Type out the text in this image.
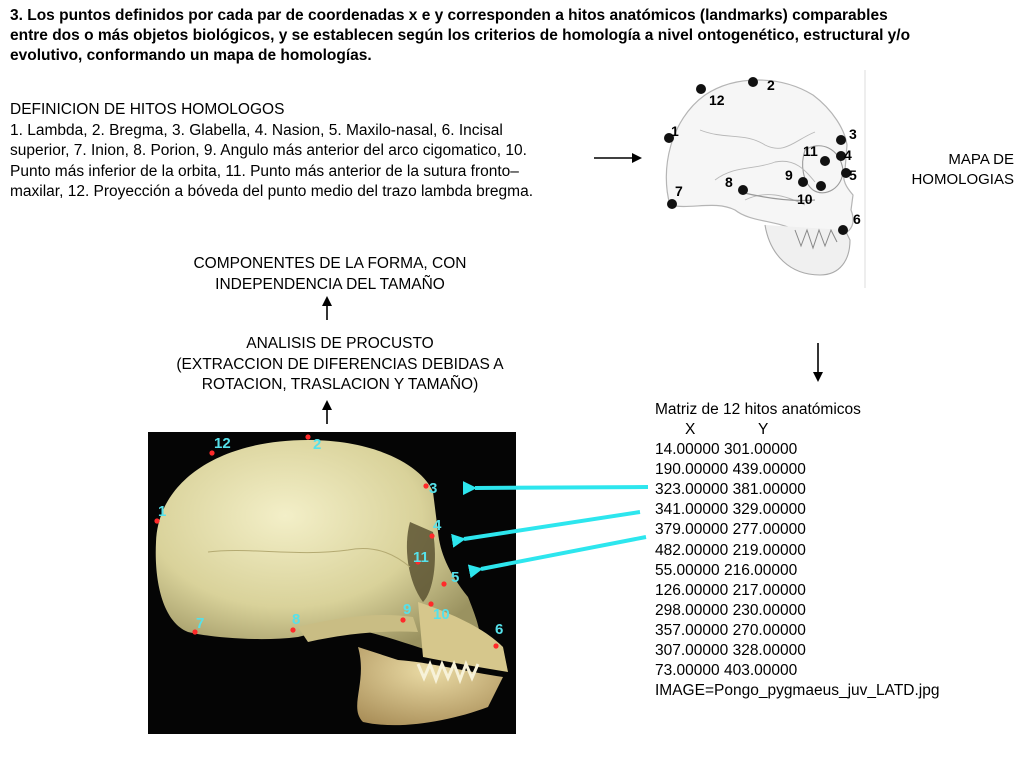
3. Los puntos definidos por cada par de coordenadas x e y corresponden a hitos anatómicos (landmarks) comparables
entre dos o más objetos biológicos, y se establecen según los criterios de homología a nivel ontogenético, estructural y/o
evolutivo, conformando un mapa de homologías.
DEFINICION DE HITOS HOMOLOGOS
1. Lambda, 2. Bregma, 3. Glabella, 4. Nasion, 5. Maxilo-nasal, 6. Incisal
superior, 7. Inion, 8. Porion, 9. Angulo más anterior del arco cigomatico, 10.
Punto más inferior de la orbita, 11. Punto más anterior de la sutura fronto–
maxilar, 12. Proyección a bóveda del punto medio del trazo lambda bregma.
MAPA DE
HOMOLOGIAS
COMPONENTES DE LA FORMA, CON
INDEPENDENCIA DEL TAMAÑO
ANALISIS DE PROCUSTO
(EXTRACCION DE DIFERENCIAS DEBIDAS A
ROTACION, TRASLACION Y TAMAÑO)
Matriz de 12 hitos anatómicos
X	Y
14.00000 301.00000
190.00000 439.00000
323.00000 381.00000
341.00000 329.00000
379.00000 277.00000
482.00000 219.00000
55.00000 216.00000
126.00000 217.00000
298.00000 230.00000
357.00000 270.00000
307.00000 328.00000
73.00000 403.00000
IMAGE=Pongo_pygmaeus_juv_LATD.jpg
1
2
3
4
5
6
7
8	9
10
11
12
1
2
3
4
5
6
7	8
9 10
11
12
